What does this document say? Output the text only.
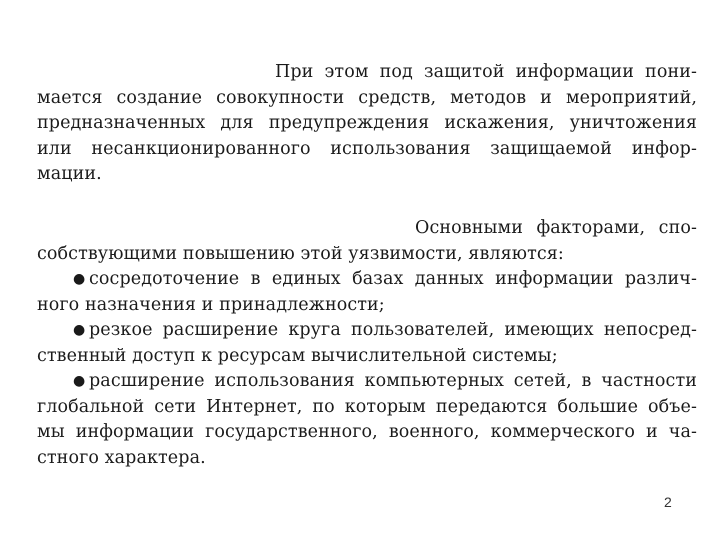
При этом под защитой информации пони-
мается создание совокупности средств, методов и мероприятий,
предназначенных для предупреждения искажения, уничтожения
или несанкционированного использования защищаемой инфор-
мации.
Основными факторами, спо-
собствующими повышению этой уязвимости, являются:
● сосредоточение в единых базах данных информации различ-
ного назначения и принадлежности;
● резкое расширение круга пользователей, имеющих непосред-
ственный доступ к ресурсам вычислительной системы;
● расширение использования компьютерных сетей, в частности
глобальной сети Интернет, по которым передаются большие объе-
мы информации государственного, военного, коммерческого и ча-
стного характера.
2
